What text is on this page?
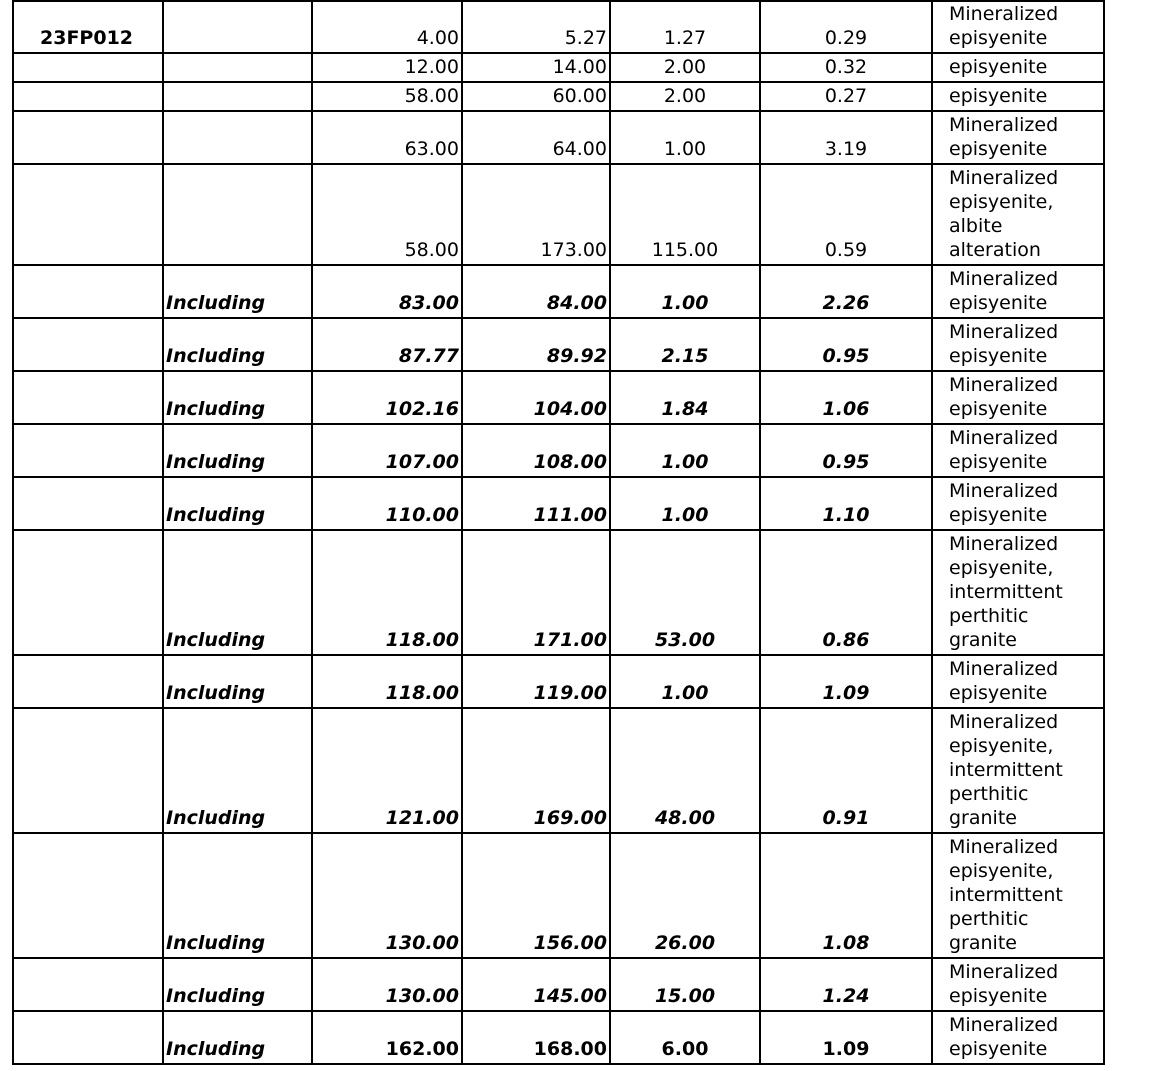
23FP012		4.00	5.27	1.27	0.29	Mineralized episyenite
		12.00	14.00	2.00	0.32	episyenite
		58.00	60.00	2.00	0.27	episyenite
		63.00	64.00	1.00	3.19	Mineralized episyenite
		58.00	173.00	115.00	0.59	Mineralized episyenite, albite alteration
	Including	83.00	84.00	1.00	2.26	Mineralized episyenite
	Including	87.77	89.92	2.15	0.95	Mineralized episyenite
	Including	102.16	104.00	1.84	1.06	Mineralized episyenite
	Including	107.00	108.00	1.00	0.95	Mineralized episyenite
	Including	110.00	111.00	1.00	1.10	Mineralized episyenite
	Including	118.00	171.00	53.00	0.86	Mineralized episyenite, intermittent perthitic granite
	Including	118.00	119.00	1.00	1.09	Mineralized episyenite
	Including	121.00	169.00	48.00	0.91	Mineralized episyenite, intermittent perthitic granite
	Including	130.00	156.00	26.00	1.08	Mineralized episyenite, intermittent perthitic granite
	Including	130.00	145.00	15.00	1.24	Mineralized episyenite
	Including	162.00	168.00	6.00	1.09	Mineralized episyenite
